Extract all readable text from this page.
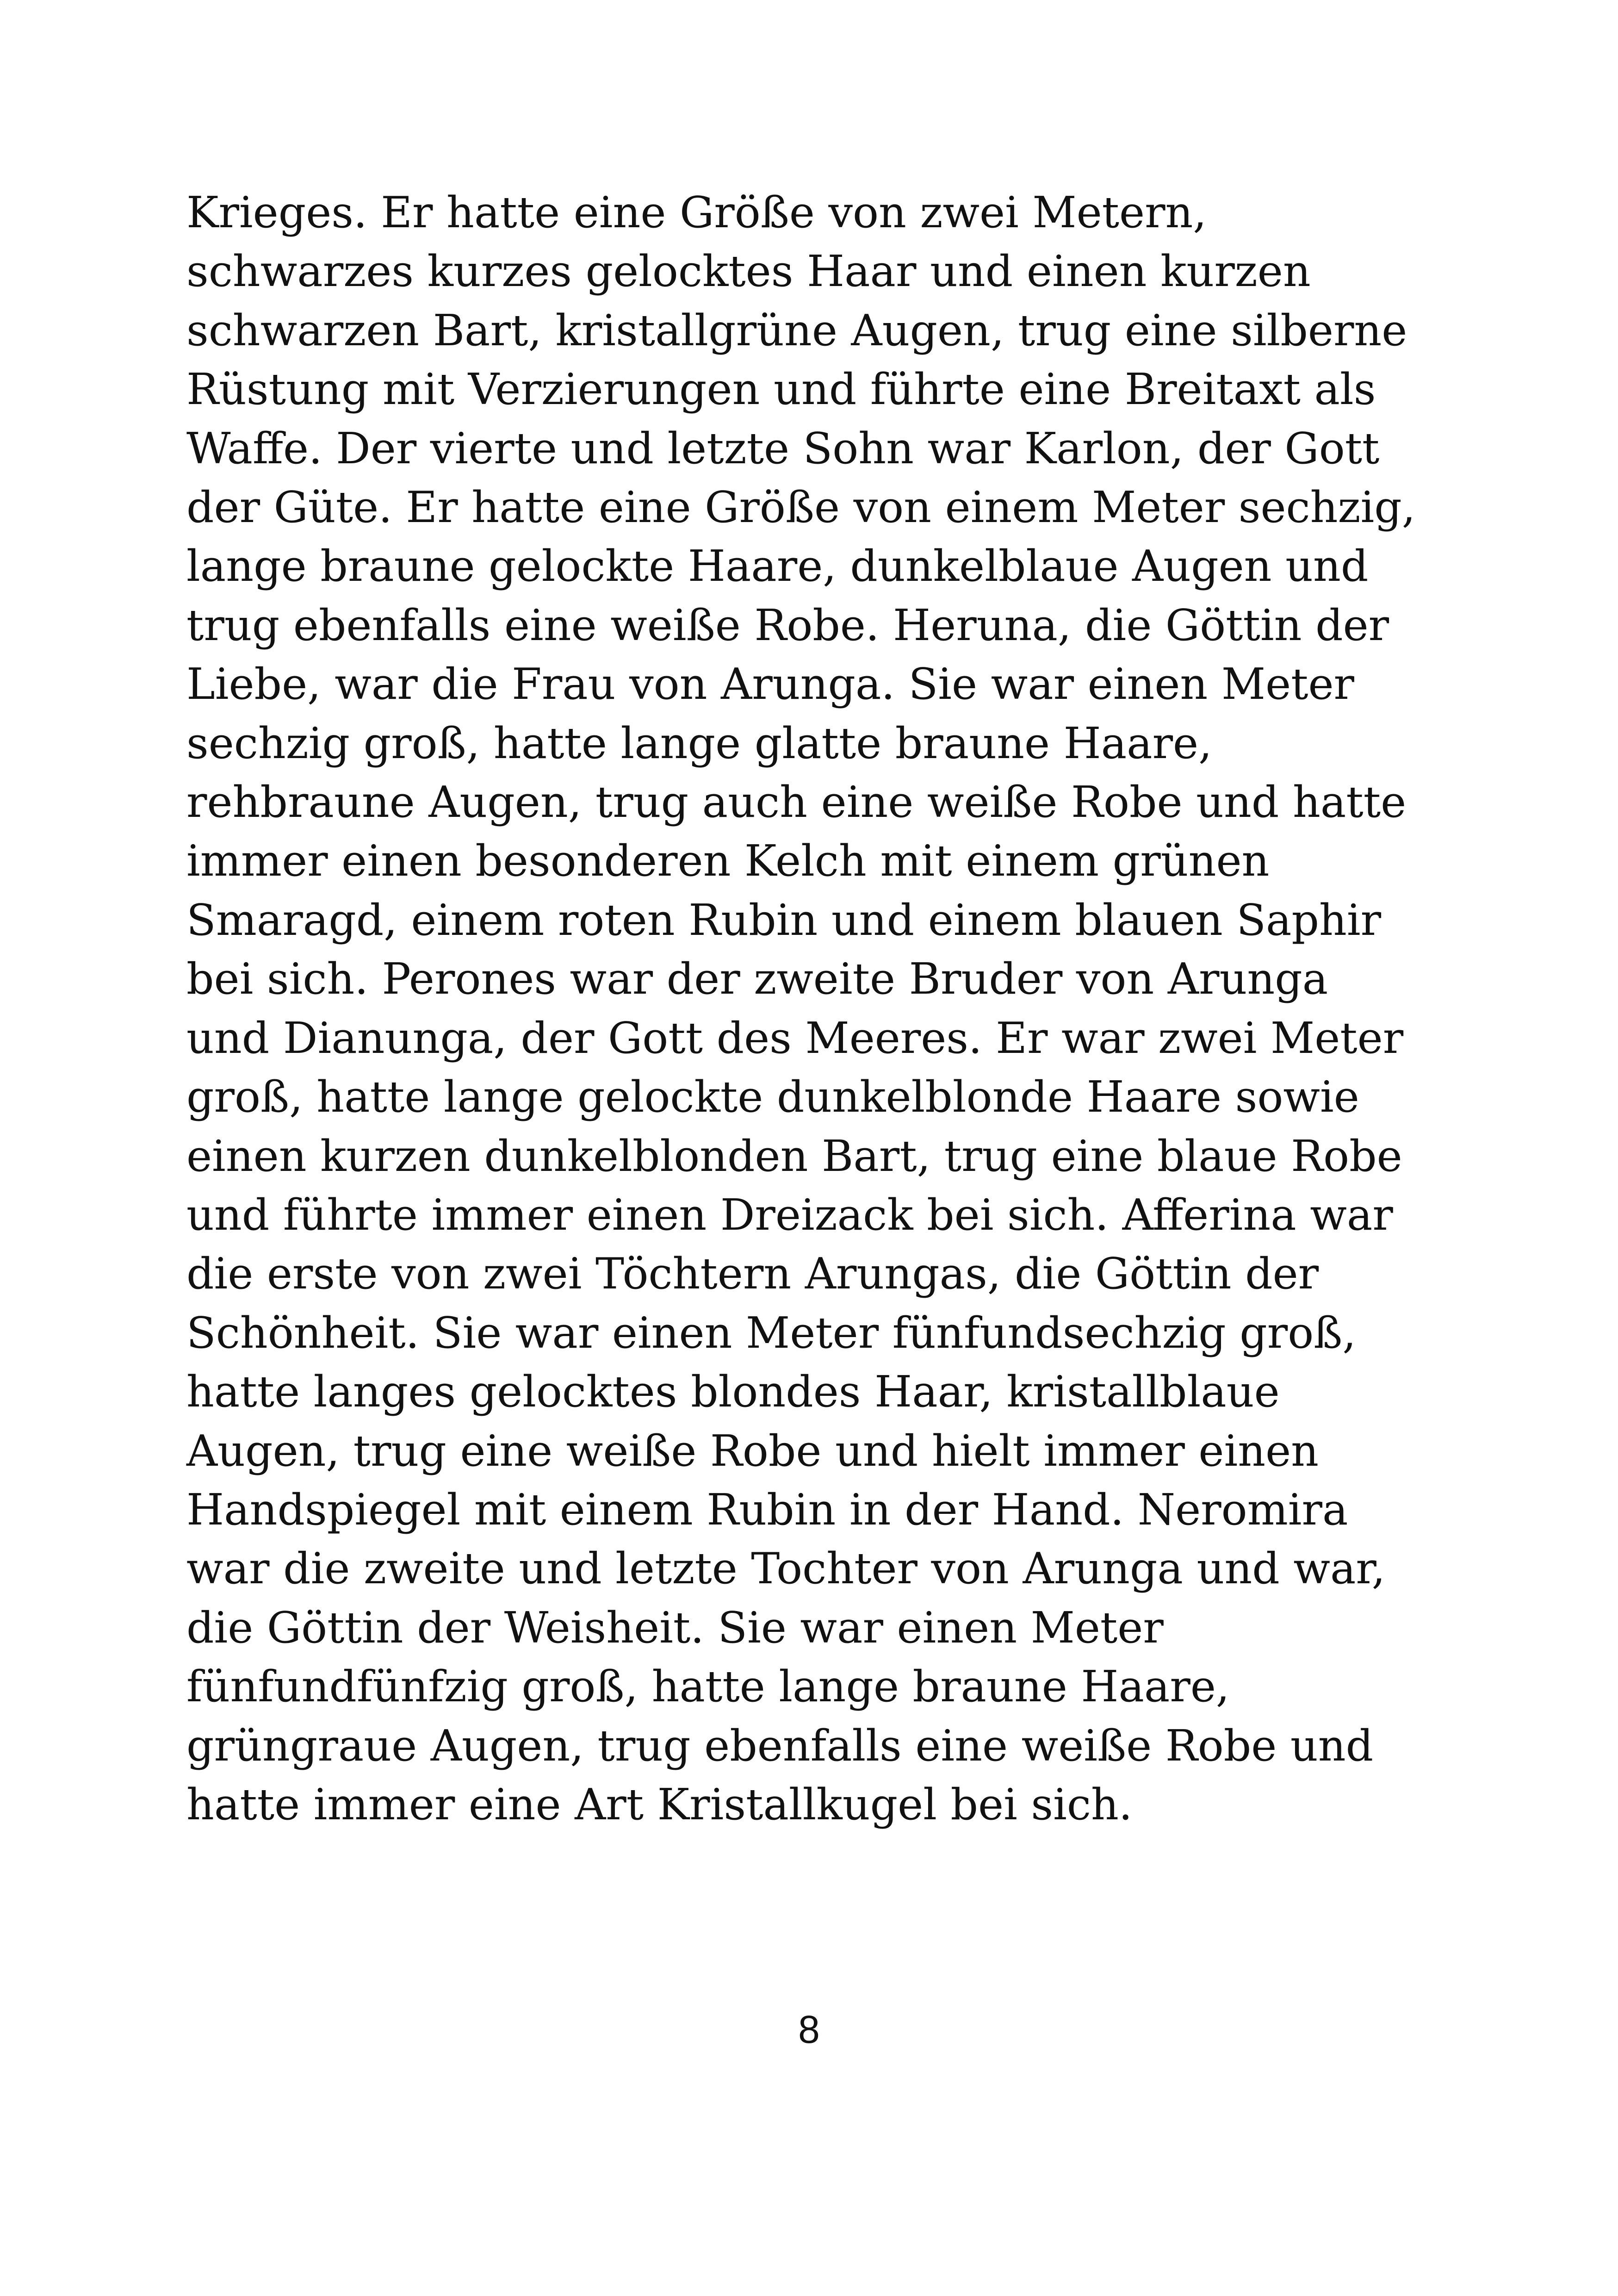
Krieges. Er hatte eine Größe von zwei Metern,
schwarzes kurzes gelocktes Haar und einen kurzen
schwarzen Bart, kristallgrüne Augen, trug eine silberne
Rüstung mit Verzierungen und führte eine Breitaxt als
Waffe. Der vierte und letzte Sohn war Karlon, der Gott
der Güte. Er hatte eine Größe von einem Meter sechzig,
lange braune gelockte Haare, dunkelblaue Augen und
trug ebenfalls eine weiße Robe. Heruna, die Göttin der
Liebe, war die Frau von Arunga. Sie war einen Meter
sechzig groß, hatte lange glatte braune Haare,
rehbraune Augen, trug auch eine weiße Robe und hatte
immer einen besonderen Kelch mit einem grünen
Smaragd, einem roten Rubin und einem blauen Saphir
bei sich. Perones war der zweite Bruder von Arunga
und Dianunga, der Gott des Meeres. Er war zwei Meter
groß, hatte lange gelockte dunkelblonde Haare sowie
einen kurzen dunkelblonden Bart, trug eine blaue Robe
und führte immer einen Dreizack bei sich. Afferina war
die erste von zwei Töchtern Arungas, die Göttin der
Schönheit. Sie war einen Meter fünfundsechzig groß,
hatte langes gelocktes blondes Haar, kristallblaue
Augen, trug eine weiße Robe und hielt immer einen
Handspiegel mit einem Rubin in der Hand. Neromira
war die zweite und letzte Tochter von Arunga und war,
die Göttin der Weisheit. Sie war einen Meter
fünfundfünfzig groß, hatte lange braune Haare,
grüngraue Augen, trug ebenfalls eine weiße Robe und
hatte immer eine Art Kristallkugel bei sich.

8
